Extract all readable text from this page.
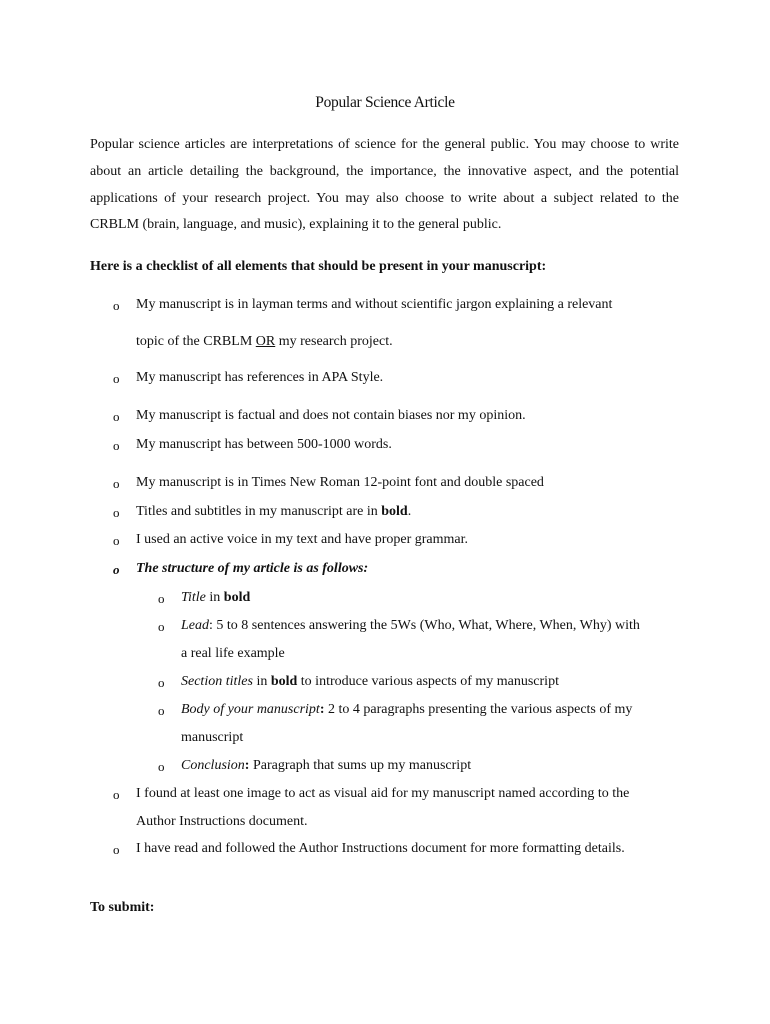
Popular Science Article
Popular science articles are interpretations of science for the general public. You may choose to write about an article detailing the background, the importance, the innovative aspect, and the potential applications of your research project. You may also choose to write about a subject related to the CRBLM (brain, language, and music), explaining it to the general public.
Here is a checklist of all elements that should be present in your manuscript:
o My manuscript is in layman terms and without scientific jargon explaining a relevant
topic of the CRBLM OR my research project.
o My manuscript has references in APA Style.
o My manuscript is factual and does not contain biases nor my opinion.
o My manuscript has between 500-1000 words.
o My manuscript is in Times New Roman 12-point font and double spaced
o Titles and subtitles in my manuscript are in bold.
o I used an active voice in my text and have proper grammar.
o The structure of my article is as follows:
o Title in bold
o Lead: 5 to 8 sentences answering the 5Ws (Who, What, Where, When, Why) with
a real life example
o Section titles in bold to introduce various aspects of my manuscript
o Body of your manuscript: 2 to 4 paragraphs presenting the various aspects of my
manuscript
o Conclusion: Paragraph that sums up my manuscript
o I found at least one image to act as visual aid for my manuscript named according to the
Author Instructions document.
o I have read and followed the Author Instructions document for more formatting details.
To submit:
